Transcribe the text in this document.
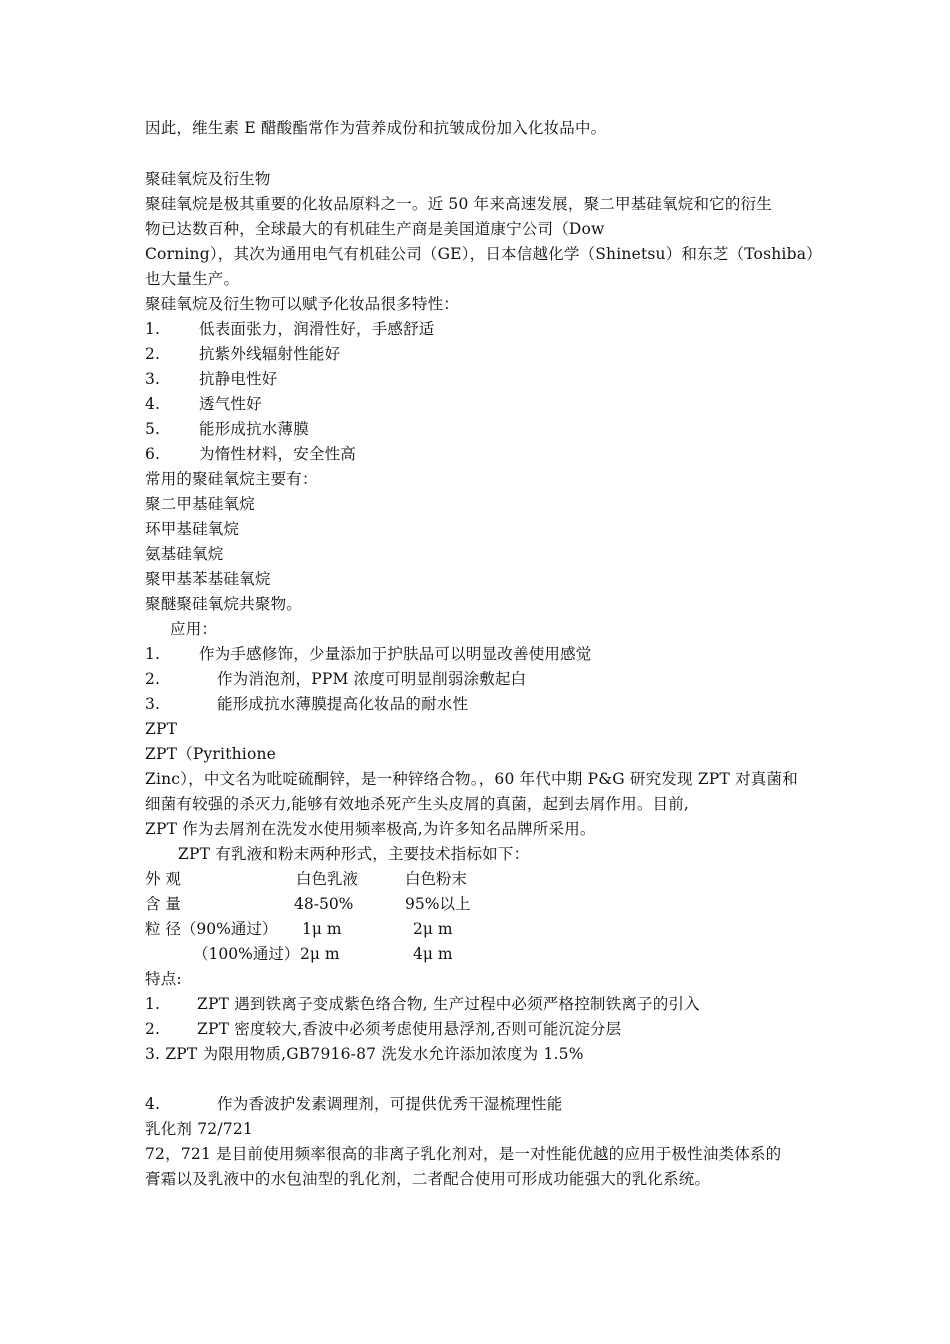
因此，维生素 E 醋酸酯常作为营养成份和抗皱成份加入化妆品中。
聚硅氧烷及衍生物
聚硅氧烷是极其重要的化妆品原料之一。近 50 年来高速发展，聚二甲基硅氧烷和它的衍生
物已达数百种，全球最大的有机硅生产商是美国道康宁公司（Dow
Corning），其次为通用电气有机硅公司（GE），日本信越化学（Shinetsu）和东芝（Toshiba）
也大量生产。
聚硅氧烷及衍生物可以赋予化妆品很多特性：
1.	低表面张力，润滑性好，手感舒适
2.	抗紫外线辐射性能好
3.	抗静电性好
4.	透气性好
5.	能形成抗水薄膜
6.	为惰性材料，安全性高
常用的聚硅氧烷主要有：
聚二甲基硅氧烷
环甲基硅氧烷
氨基硅氧烷
聚甲基苯基硅氧烷
聚醚聚硅氧烷共聚物。
应用：
1.	作为手感修饰，少量添加于护肤品可以明显改善使用感觉
2.	作为消泡剂，PPM 浓度可明显削弱涂敷起白
3.	能形成抗水薄膜提高化妆品的耐水性
ZPT
ZPT（Pyrithione
Zinc），中文名为吡啶硫酮锌，是一种锌络合物。，60 年代中期 P&G 研究发现 ZPT 对真菌和
细菌有较强的杀灭力,能够有效地杀死产生头皮屑的真菌，起到去屑作用。目前,
ZPT 作为去屑剂在洗发水使用频率极高,为许多知名品牌所采用。
ZPT 有乳液和粉末两种形式，主要技术指标如下：
外 观	白色乳液	白色粉末
含 量	48-50%	95%以上
粒 径（90%通过） 1μ m	2μ m
（100%通过） 2μ m	4μ m
特点:
1. ZPT 遇到铁离子变成紫色络合物, 生产过程中必须严格控制铁离子的引入
2. ZPT 密度较大,香波中必须考虑使用悬浮剂,否则可能沉淀分层
3. ZPT 为限用物质,GB7916-87 洗发水允许添加浓度为 1.5%
4.	作为香波护发素调理剂，可提供优秀干湿梳理性能
乳化剂 72/721
72，721 是目前使用频率很高的非离子乳化剂对，是一对性能优越的应用于极性油类体系的
膏霜以及乳液中的水包油型的乳化剂，二者配合使用可形成功能强大的乳化系统。
